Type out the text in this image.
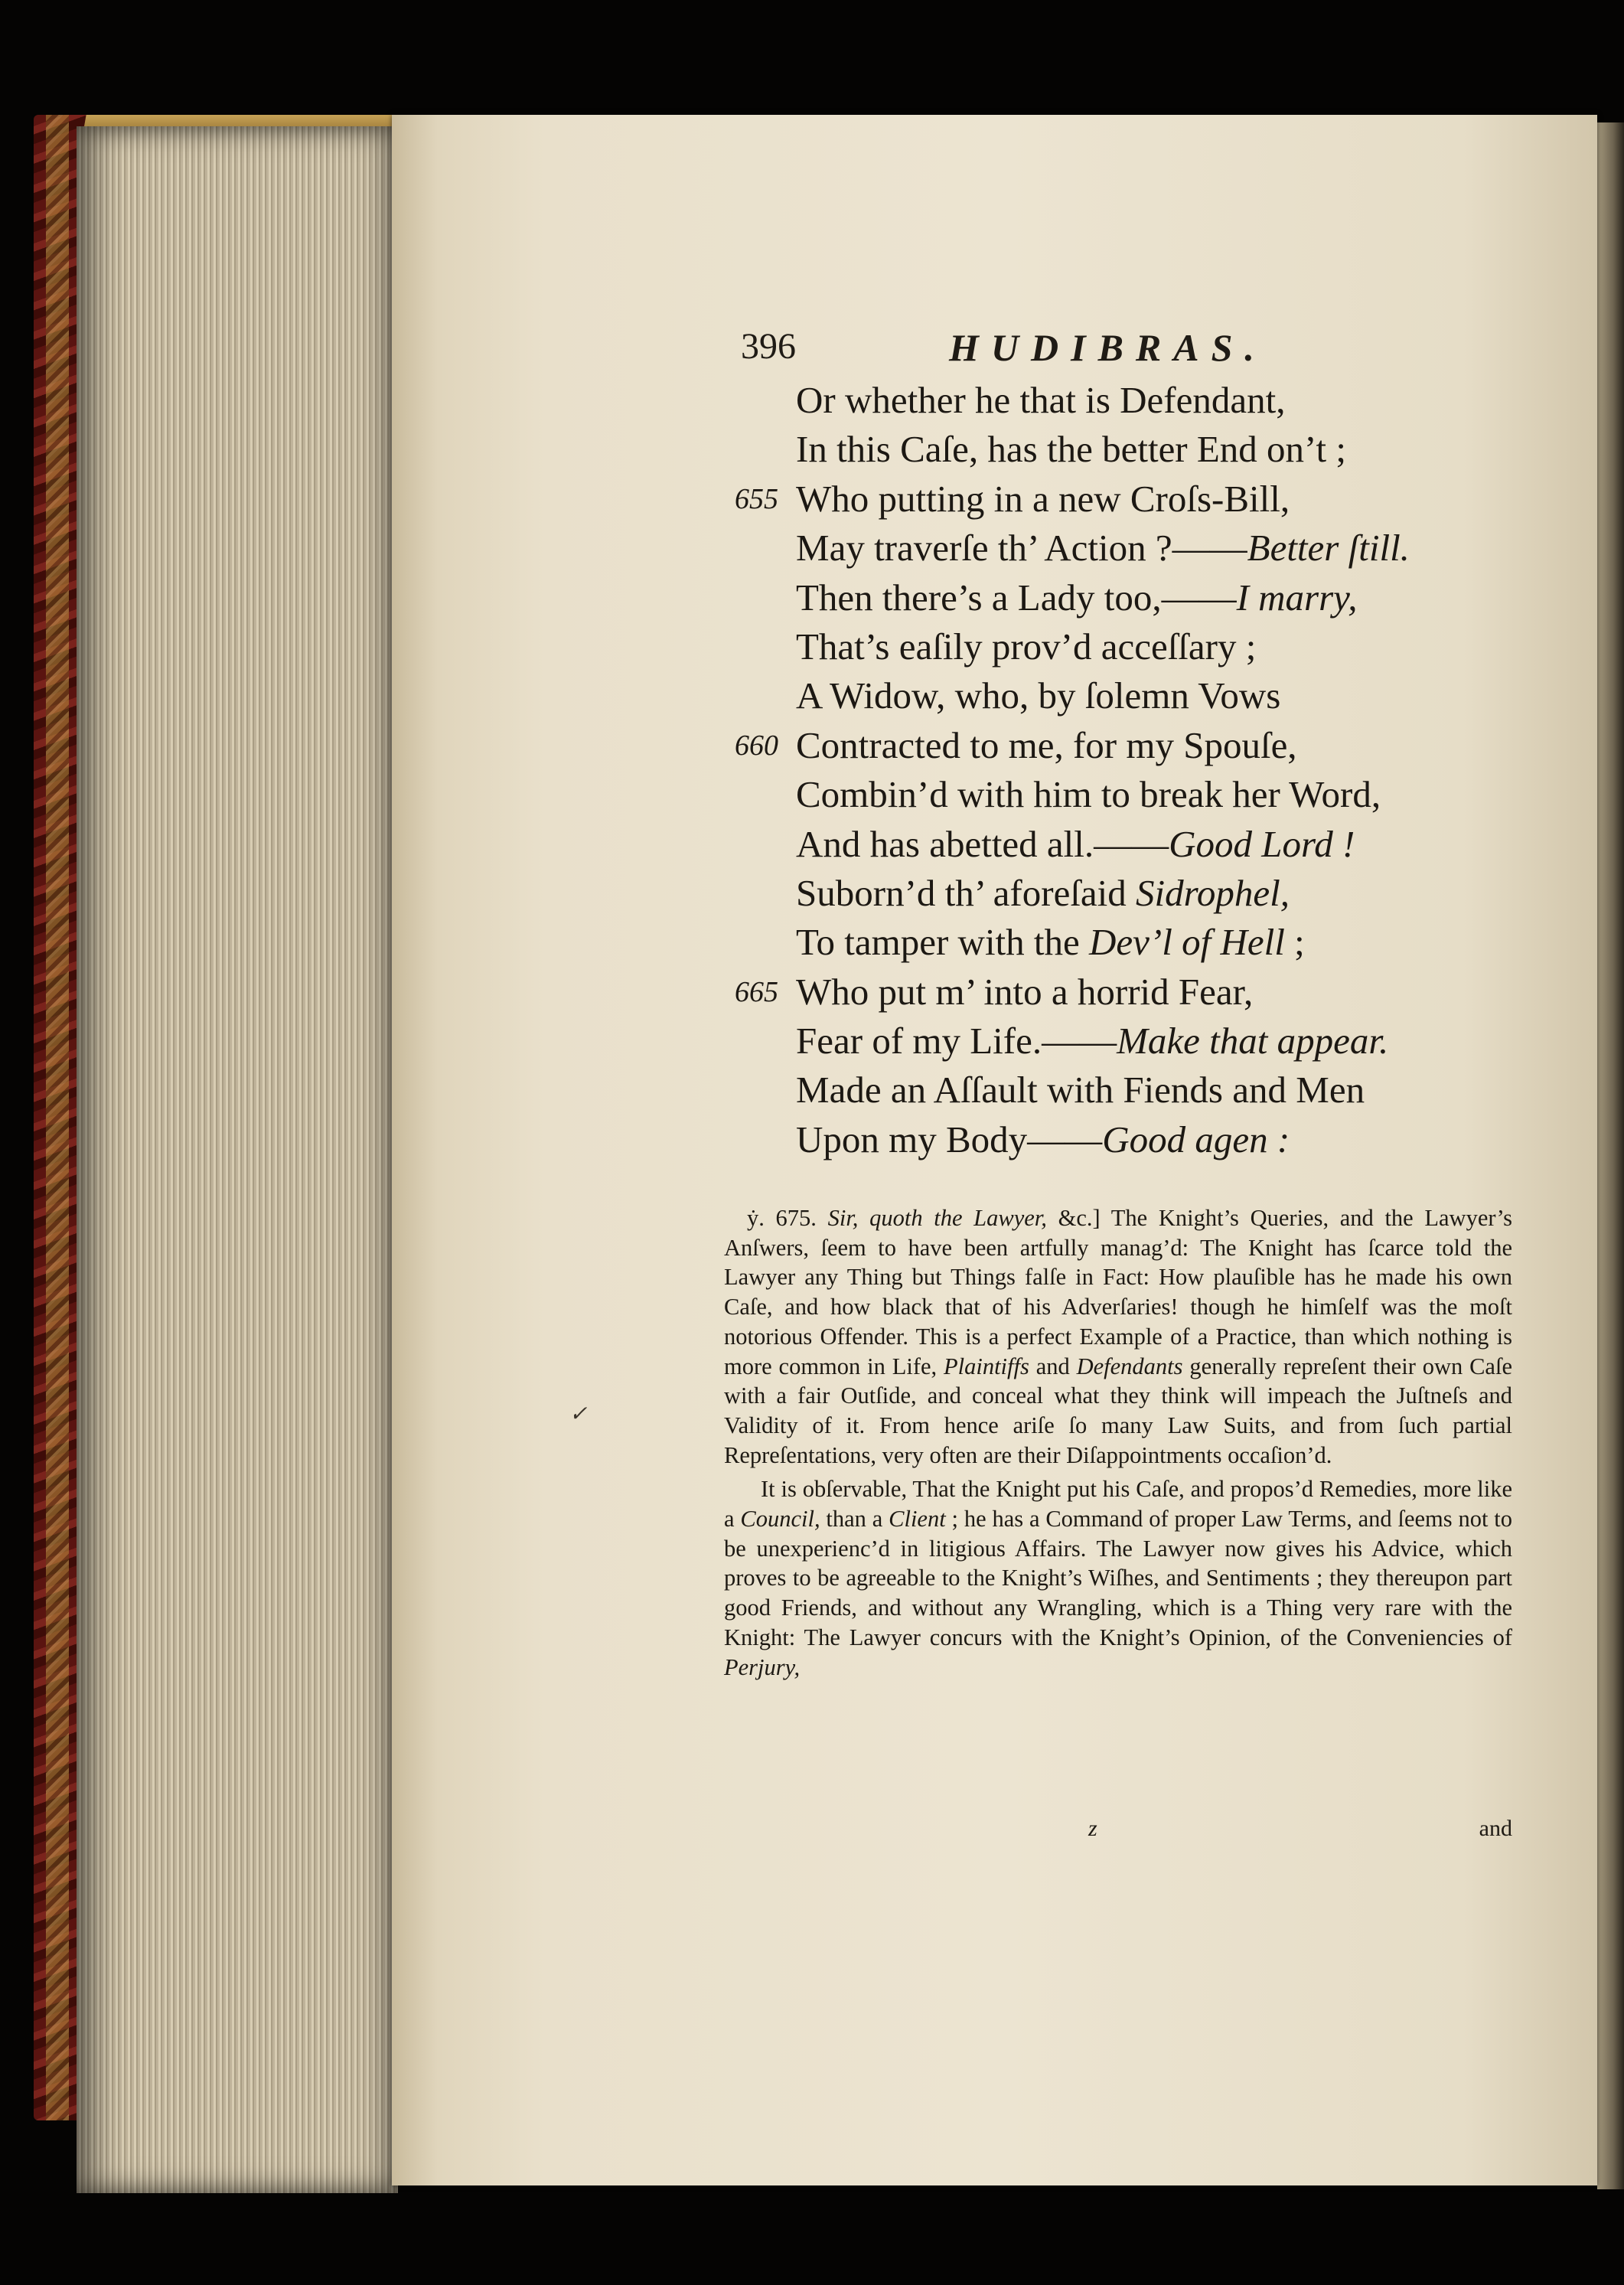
396	HUDIBRAS.
Or whether he that is Defendant,
In this Caſe, has the better End on’t ;
655 Who putting in a new Croſs-Bill,
May traverſe th’ Action ?——Better ſtill.
Then there’s a Lady too,——I marry,
That’s eaſily prov’d acceſſary ;
A Widow, who, by ſolemn Vows
660 Contracted to me, for my Spouſe,
Combin’d with him to break her Word,
And has abetted all.——Good Lord !
Suborn’d th’ aforeſaid Sidrophel,
To tamper with the Dev’l of Hell ;
665 Who put m’ into a horrid Fear,
Fear of my Life.——Make that appear.
Made an Aſſault with Fiends and Men
Upon my Body——Good agen :

ẏ. 675. Sir, quoth the Lawyer, &c.] The Knight’s Queries, and the Lawyer’s Anſwers, ſeem to have been artfully manag’d: The Knight has ſcarce told the Lawyer any Thing but Things falſe in Fact: How plauſible has he made his own Caſe, and how black that of his Adverſaries! though he himſelf was the moſt notorious Offender. This is a perfect Example of a Practice, than which nothing is more common in Life, Plaintiffs and Defendants generally repreſent their own Caſe with a fair Outſide, and conceal what they think will impeach the Juſtneſs and Validity of it. From hence ariſe ſo many Law Suits, and from ſuch partial Repreſentations, very often are their Diſappointments occaſion’d.

It is obſervable, That the Knight put his Caſe, and propos’d Remedies, more like a Council, than a Client ; he has a Command of proper Law Terms, and ſeems not to be unexperienc’d in litigious Affairs. The Lawyer now gives his Advice, which proves to be agreeable to the Knight’s Wiſhes, and Sentiments ; they thereupon part good Friends, and without any Wrangling, which is a Thing very rare with the Knight: The Lawyer concurs with the Knight’s Opinion, of the Conveniencies of Perjury,

z	and
✓
